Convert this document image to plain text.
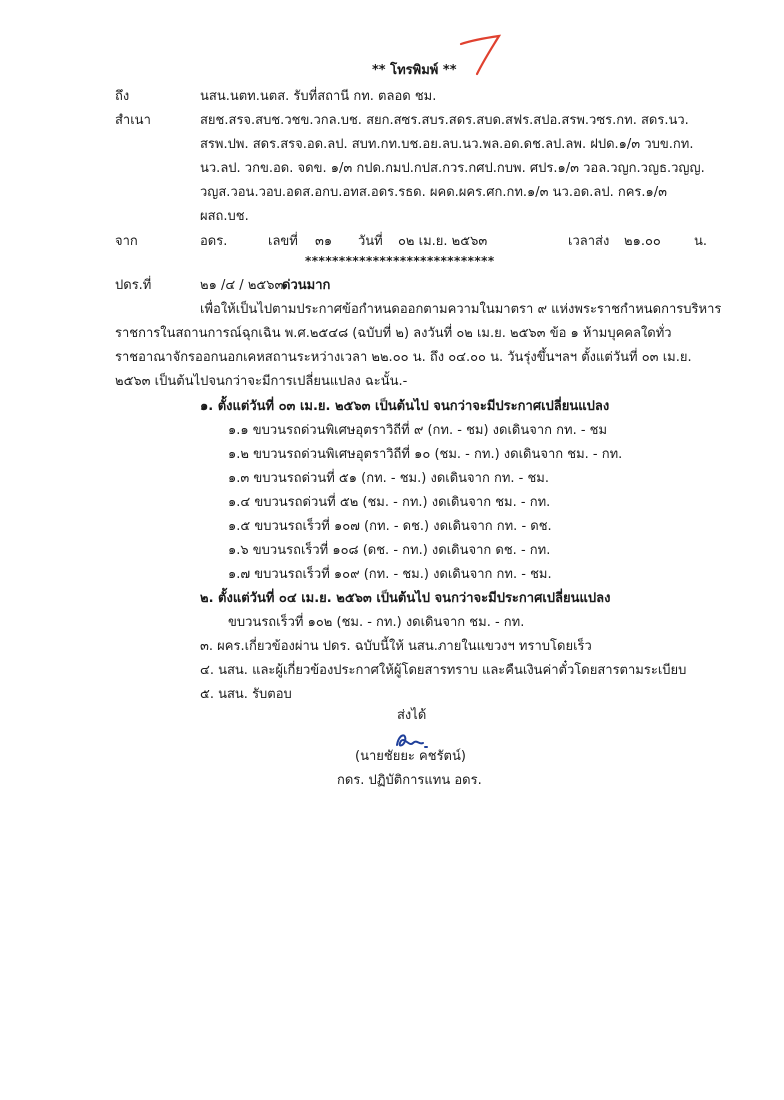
** โทรพิมพ์ **
ถึง	นสน.นตท.นตส. รับที่สถานี กท. ตลอด ชม.
สำเนา	สยช.สรจ.สบช.วชข.วกล.บช. สยก.สซร.สบร.สดร.สบด.สฟร.สปอ.สรพ.วซร.กท. สดร.นว.
สรพ.ปพ. สดร.สรจ.อด.ลป. สบท.กท.บช.อย.ลบ.นว.พล.อด.ดช.ลป.ลพ. ฝปด.๑/๓ วบข.กท.
นว.ลป. วกข.อด. จดข. ๑/๓ กปด.กมป.กปส.กวร.กศป.กบพ. ศปร.๑/๓ วอล.วญก.วญธ.วญญ.
วญส.วอน.วอบ.อดส.อกบ.อทส.อดร.รธด. ผคด.ผคร.ศก.กท.๑/๓ นว.อด.ลป. กคร.๑/๓
ผสถ.บช.
จาก	อดร.	เลขที่ ๓๑ วันที่ ๐๒ เม.ย. ๒๕๖๓	เวลาส่ง ๒๑.๐๐	น.
****************************
ปดร.ที่	๒๑ /๔ / ๒๕๖๓
ด่วนมาก
เพื่อให้เป็นไปตามประกาศข้อกำหนดออกตามความในมาตรา ๙ แห่งพระราชกำหนดการบริหาร
ราชการในสถานการณ์ฉุกเฉิน พ.ศ.๒๕๔๘ (ฉบับที่ ๒) ลงวันที่ ๐๒ เม.ย. ๒๕๖๓ ข้อ ๑ ห้ามบุคคลใดทั่ว
ราชอาณาจักรออกนอกเคหสถานระหว่างเวลา ๒๒.๐๐ น. ถึง ๐๔.๐๐ น. วันรุ่งขึ้นฯลฯ ตั้งแต่วันที่ ๐๓ เม.ย.
๒๕๖๓ เป็นต้นไปจนกว่าจะมีการเปลี่ยนแปลง ฉะนั้น.-
๑. ตั้งแต่วันที่ ๐๓ เม.ย. ๒๕๖๓ เป็นต้นไป จนกว่าจะมีประกาศเปลี่ยนแปลง
๑.๑ ขบวนรถด่วนพิเศษอุตราวิถีที่ ๙ (กท. - ชม) งดเดินจาก กท. - ชม
๑.๒ ขบวนรถด่วนพิเศษอุตราวิถีที่ ๑๐ (ชม. - กท.) งดเดินจาก ชม. - กท.
๑.๓ ขบวนรถด่วนที่ ๕๑ (กท. - ชม.) งดเดินจาก กท. - ชม.
๑.๔ ขบวนรถด่วนที่ ๕๒ (ชม. - กท.) งดเดินจาก ชม. - กท.
๑.๕ ขบวนรถเร็วที่ ๑๐๗ (กท. - ดช.) งดเดินจาก กท. - ดช.
๑.๖ ขบวนรถเร็วที่ ๑๐๘ (ดช. - กท.) งดเดินจาก ดช. - กท.
๑.๗ ขบวนรถเร็วที่ ๑๐๙ (กท. - ชม.) งดเดินจาก กท. - ชม.
๒. ตั้งแต่วันที่ ๐๔ เม.ย. ๒๕๖๓ เป็นต้นไป จนกว่าจะมีประกาศเปลี่ยนแปลง
ขบวนรถเร็วที่ ๑๐๒ (ชม. - กท.) งดเดินจาก ชม. - กท.
๓. ผคร.เกี่ยวข้องผ่าน ปดร. ฉบับนี้ให้ นสน.ภายในแขวงฯ ทราบโดยเร็ว
๔. นสน. และผู้เกี่ยวข้องประกาศให้ผู้โดยสารทราบ และคืนเงินค่าตั๋วโดยสารตามระเบียบ
๕. นสน. รับตอบ
ส่งได้
(นายชัยยะ คชรัตน์)
กดร. ปฏิบัติการแทน อดร.
